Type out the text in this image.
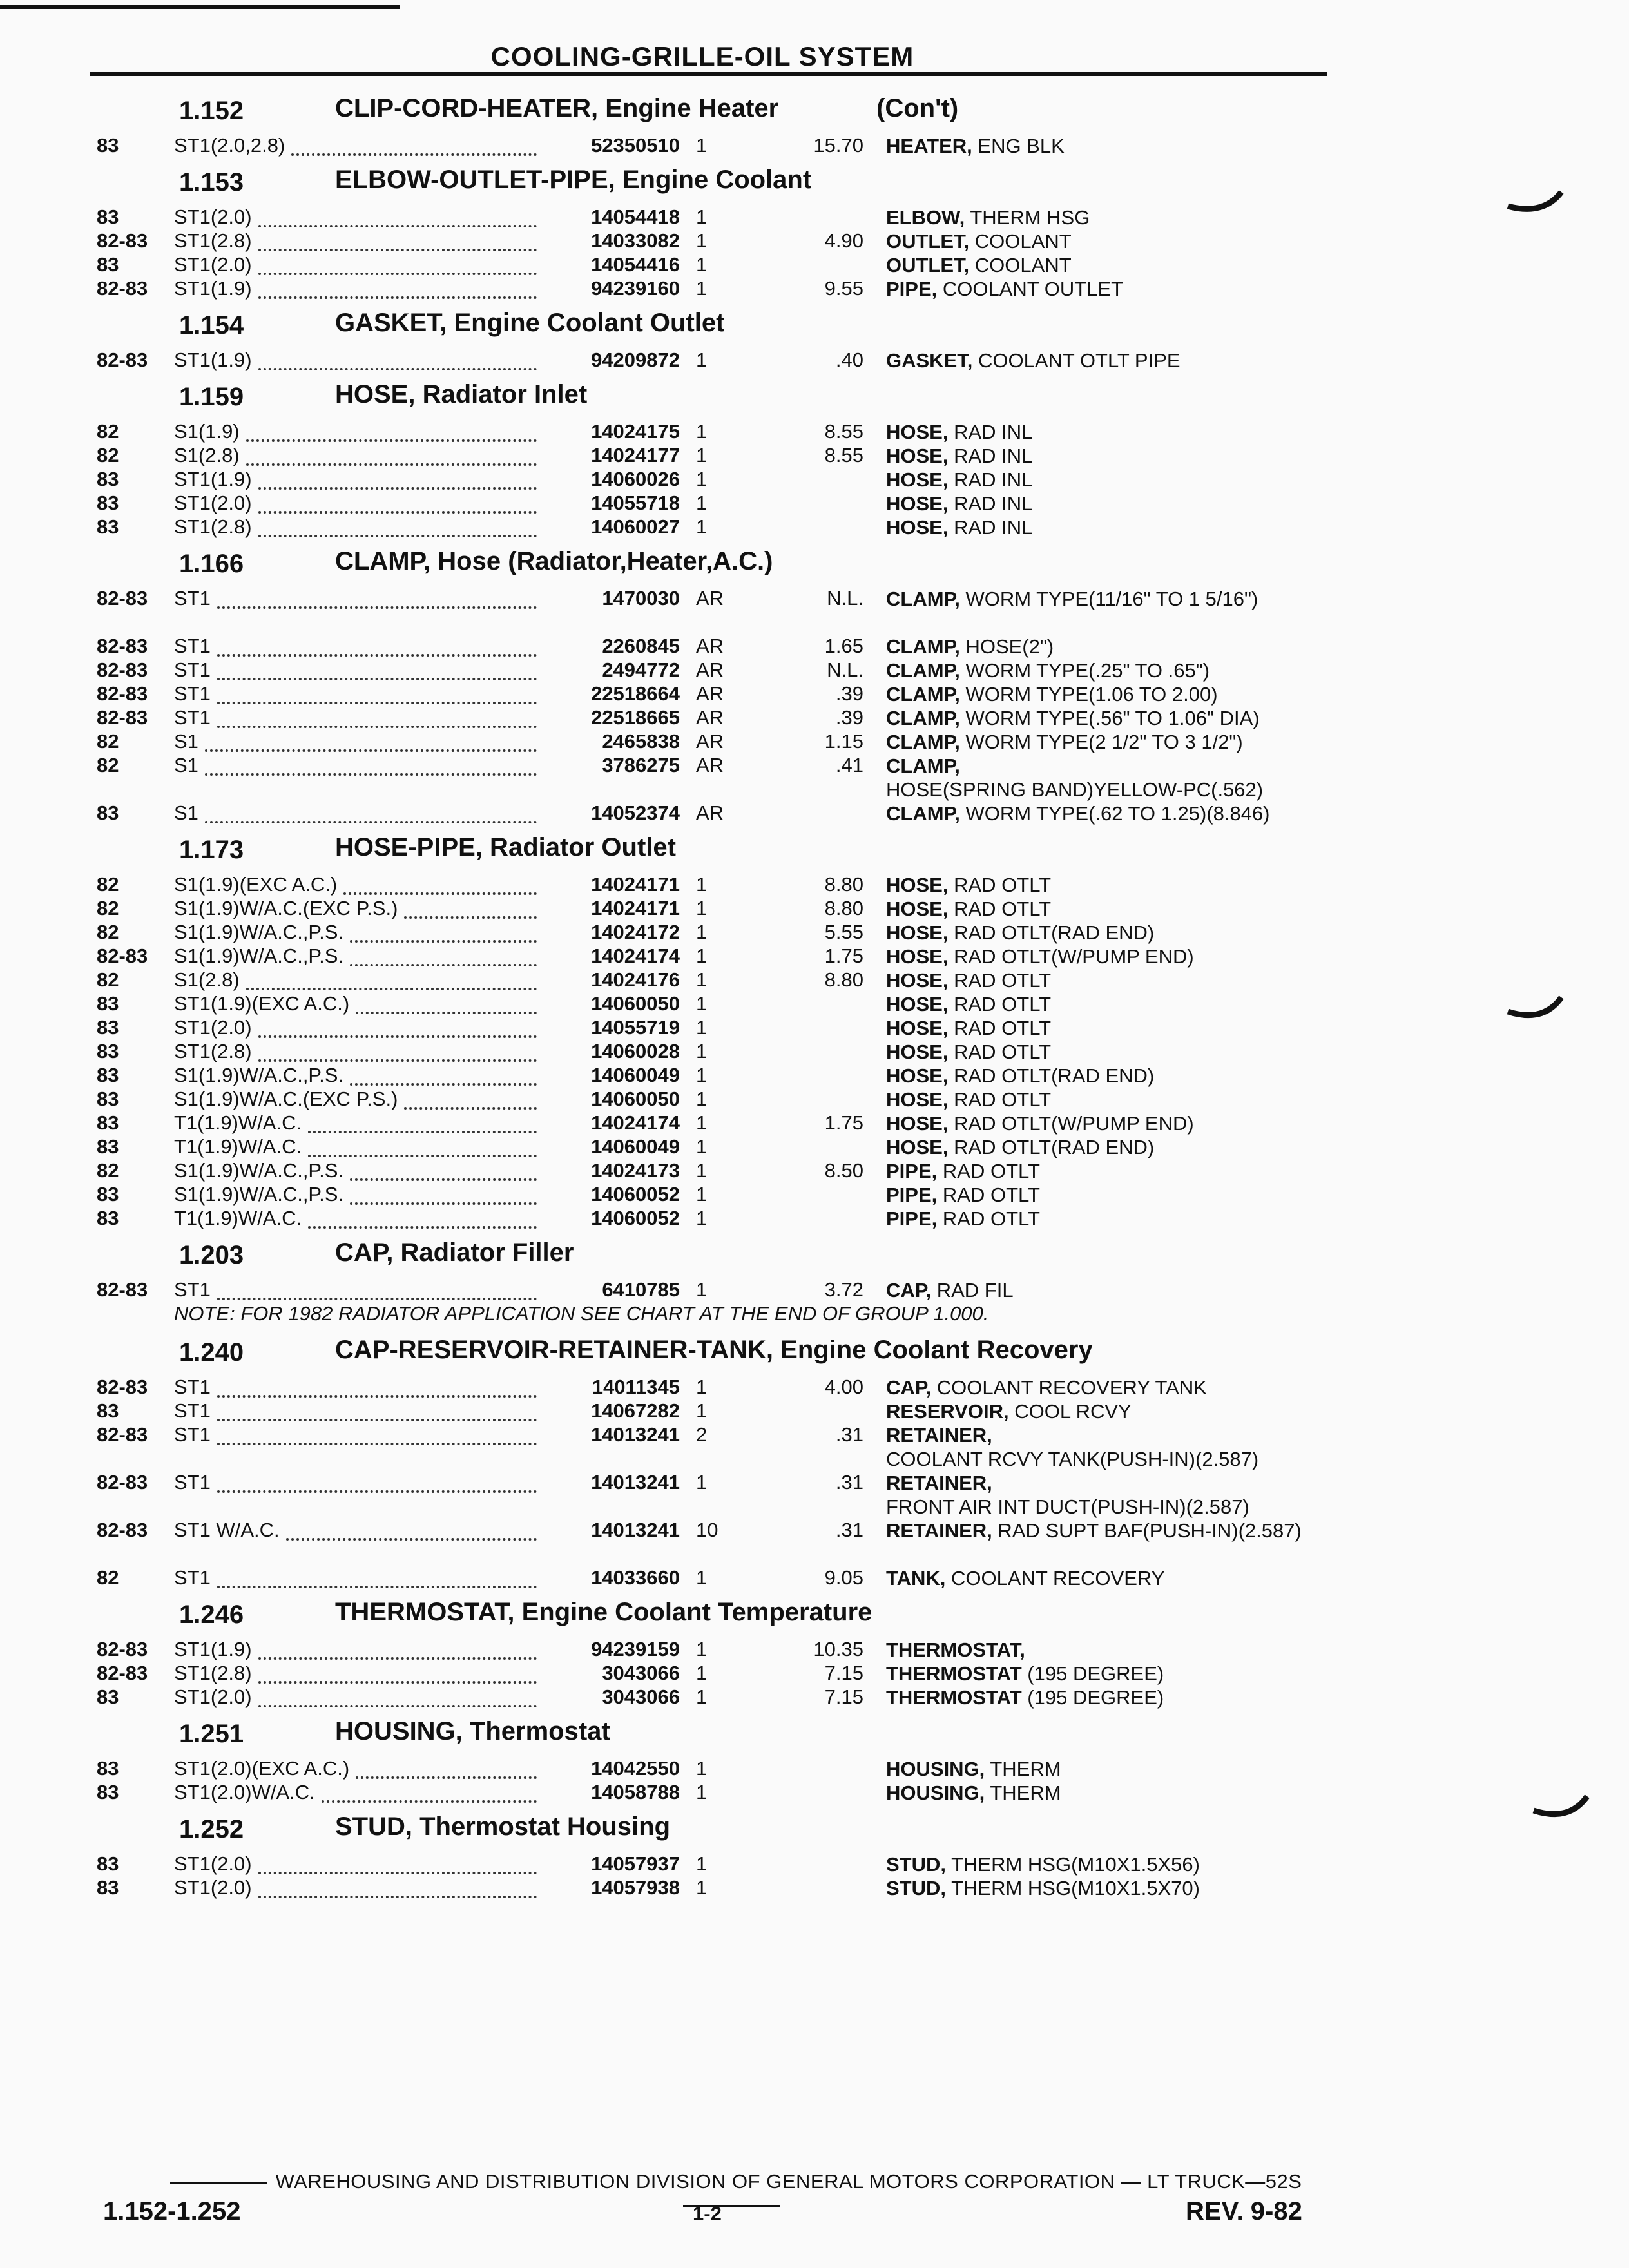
COOLING-GRILLE-OIL SYSTEM
1.152	CLIP-CORD-HEATER, Engine Heater	(Con't)
83	ST1(2.0,2.8)	52350510 1	15.70 HEATER, ENG BLK
1.153	ELBOW-OUTLET-PIPE, Engine Coolant
83	ST1(2.0)	14054418 1	ELBOW, THERM HSG
82-83 ST1(2.8)	14033082 1	4.90 OUTLET, COOLANT
83	ST1(2.0)	14054416 1	OUTLET, COOLANT
82-83 ST1(1.9)	94239160 1	9.55 PIPE, COOLANT OUTLET
1.154	GASKET, Engine Coolant Outlet
82-83 ST1(1.9)	94209872 1	.40 GASKET, COOLANT OTLT PIPE
1.159	HOSE, Radiator Inlet
82	S1(1.9)	14024175 1	8.55 HOSE, RAD INL
82	S1(2.8)	14024177 1	8.55 HOSE, RAD INL
83	ST1(1.9)	14060026 1	HOSE, RAD INL
83	ST1(2.0)	14055718 1	HOSE, RAD INL
83	ST1(2.8)	14060027 1	HOSE, RAD INL
1.166	CLAMP, Hose (Radiator,Heater,A.C.)
82-83 ST1	1470030 AR	N.L. CLAMP, WORM TYPE(11/16" TO 1 5/16")
82-83 ST1	2260845 AR	1.65 CLAMP, HOSE(2")
82-83 ST1	2494772 AR	N.L. CLAMP, WORM TYPE(.25" TO .65")
82-83 ST1	22518664 AR	.39 CLAMP, WORM TYPE(1.06 TO 2.00)
82-83 ST1	22518665 AR	.39 CLAMP, WORM TYPE(.56" TO 1.06" DIA)
82	S1	2465838 AR	1.15 CLAMP, WORM TYPE(2 1/2" TO 3 1/2")
82	S1	3786275 AR	.41 CLAMP, HOSE(SPRING BAND)YELLOW-PC(.562)
83	S1	14052374 AR	CLAMP, WORM TYPE(.62 TO 1.25)(8.846)
1.173	HOSE-PIPE, Radiator Outlet
82	S1(1.9)(EXC A.C.)	14024171 1	8.80 HOSE, RAD OTLT
82	S1(1.9)W/A.C.(EXC P.S.)	14024171 1	8.80 HOSE, RAD OTLT
82	S1(1.9)W/A.C.,P.S.	14024172 1	5.55 HOSE, RAD OTLT(RAD END)
82-83 S1(1.9)W/A.C.,P.S.	14024174 1	1.75 HOSE, RAD OTLT(W/PUMP END)
82	S1(2.8)	14024176 1	8.80 HOSE, RAD OTLT
83	ST1(1.9)(EXC A.C.)	14060050 1	HOSE, RAD OTLT
83	ST1(2.0)	14055719 1	HOSE, RAD OTLT
83	ST1(2.8)	14060028 1	HOSE, RAD OTLT
83	S1(1.9)W/A.C.,P.S.	14060049 1	HOSE, RAD OTLT(RAD END)
83	S1(1.9)W/A.C.(EXC P.S.)	14060050 1	HOSE, RAD OTLT
83	T1(1.9)W/A.C.	14024174 1	1.75 HOSE, RAD OTLT(W/PUMP END)
83	T1(1.9)W/A.C.	14060049 1	HOSE, RAD OTLT(RAD END)
82	S1(1.9)W/A.C.,P.S.	14024173 1	8.50 PIPE, RAD OTLT
83	S1(1.9)W/A.C.,P.S.	14060052 1	PIPE, RAD OTLT
83	T1(1.9)W/A.C.	14060052 1	PIPE, RAD OTLT
1.203	CAP, Radiator Filler
82-83 ST1	6410785 1	3.72 CAP, RAD FIL
NOTE: FOR 1982 RADIATOR APPLICATION SEE CHART AT THE END OF GROUP 1.000.
1.240	CAP-RESERVOIR-RETAINER-TANK, Engine Coolant Recovery
82-83 ST1	14011345 1	4.00 CAP, COOLANT RECOVERY TANK
83	ST1	14067282 1	RESERVOIR, COOL RCVY
82-83 ST1	14013241 2	.31 RETAINER, COOLANT RCVY TANK(PUSH-IN)(2.587)
82-83 ST1	14013241 1	.31 RETAINER, FRONT AIR INT DUCT(PUSH-IN)(2.587)
82-83 ST1 W/A.C.	14013241 10	.31 RETAINER, RAD SUPT BAF(PUSH-IN)(2.587)
82	ST1	14033660 1	9.05 TANK, COOLANT RECOVERY
1.246	THERMOSTAT, Engine Coolant Temperature
82-83 ST1(1.9)	94239159 1	10.35 THERMOSTAT,
82-83 ST1(2.8)	3043066 1	7.15 THERMOSTAT (195 DEGREE)
83	ST1(2.0)	3043066 1	7.15 THERMOSTAT (195 DEGREE)
1.251	HOUSING, Thermostat
83	ST1(2.0)(EXC A.C.)	14042550 1	HOUSING, THERM
83	ST1(2.0)W/A.C.	14058788 1	HOUSING, THERM
1.252	STUD, Thermostat Housing
83	ST1(2.0)	14057937 1	STUD, THERM HSG(M10X1.5X56)
83	ST1(2.0)	14057938 1	STUD, THERM HSG(M10X1.5X70)
WAREHOUSING AND DISTRIBUTION DIVISION OF GENERAL MOTORS CORPORATION — LT TRUCK—52S
1.152-1.252	1-2	REV. 9-82
